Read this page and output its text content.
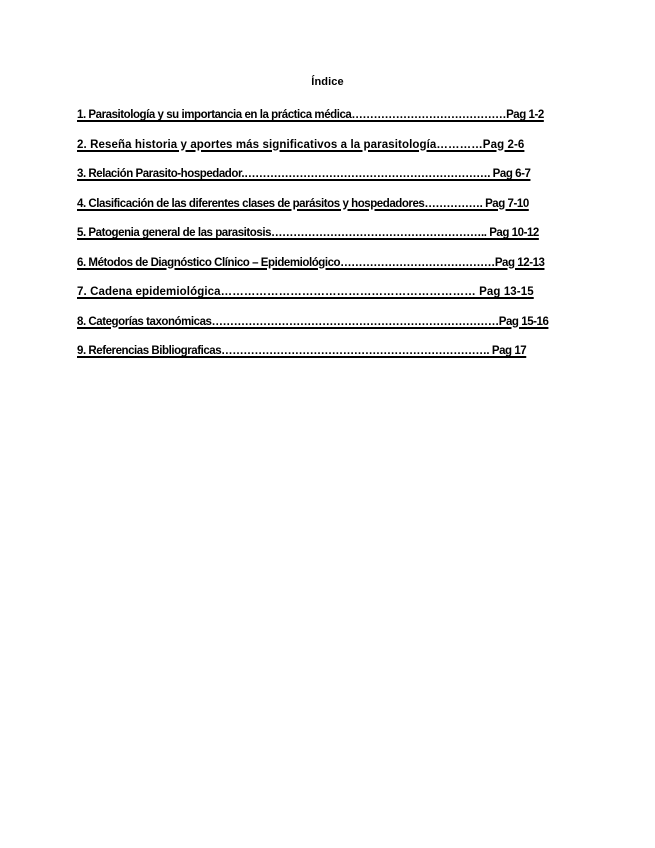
Índice
1. Parasitología y su importancia en la práctica médica……………………………………Pag 1-2
2. Reseña historia y aportes más significativos a la parasitología…………Pag 2-6
3. Relación Parasito-hospedador.…………………………………………………………. Pag 6-7
4. Clasificación de las diferentes clases de parásitos y hospedadores……………. Pag 7-10
5. Patogenia general de las parasitosis………………………………………………….. Pag 10-12
6. Métodos de Diagnóstico Clínico – Epidemiológico……………………………………Pag 12-13
7. Cadena epidemiológica………………………………………………………… Pag 13-15
8. Categorías taxonómicas……………………………………………………………………Pag 15-16
9. Referencias Bibliograficas………………………………………………………………. Pag 17
